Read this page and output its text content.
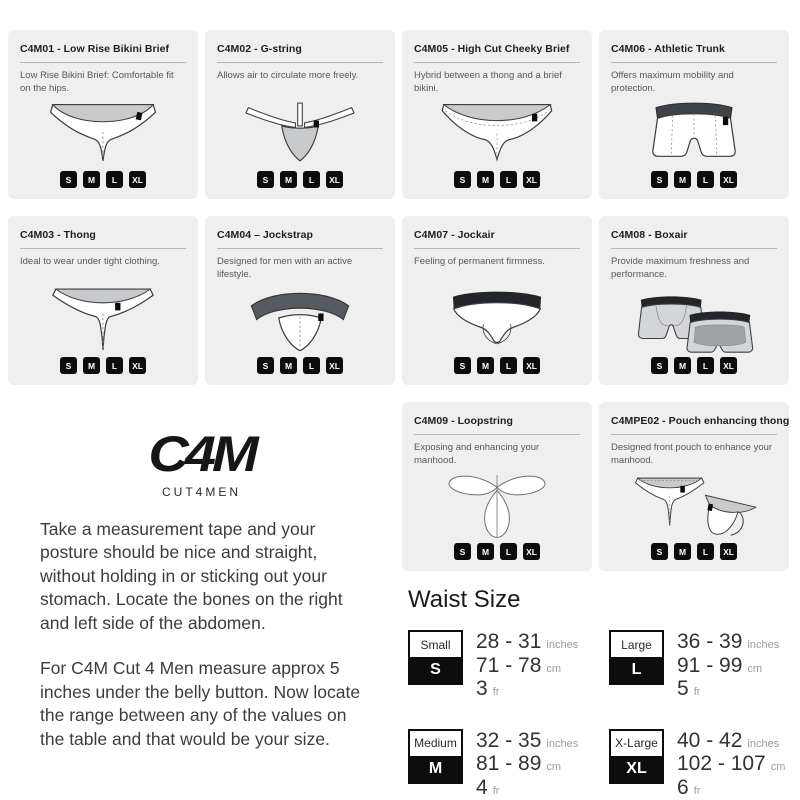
C4M01 - Low Rise Bikini Brief
Low Rise Bikini Brief: Comfortable fit on the hips.
S	M	L	XL
C4M02 - G-string
Allows air to circulate more freely.
S	M	L	XL
C4M05 - High Cut Cheeky Brief
Hybrid between a thong and a brief bikini.
S	M	L	XL
C4M06 - Athletic Trunk
Offers maximum mobility and protection.
S	M	L	XL
C4M03 - Thong
Ideal to wear under tight clothing.
S	M	L	XL
C4M04 – Jockstrap
Designed for men with an active lifestyle.
S	M	L	XL
C4M07 - Jockair
Feeling of permanent firmness.
S	M	L	XL
C4M08 - Boxair
Provide maximum freshness and performance.
S	M	L	XL
C4M
CUT4MEN
C4M09 - Loopstring
Exposing and enhancing your manhood.
S	M	L	XL
C4MPE02 - Pouch enhancing thong
Designed front pouch to enhance your manhood.
S	M	L	XL

Take a measurement tape and your posture should be nice and straight, without holding in or sticking out your stomach. Locate the bones on the right and left side of the abdomen.

For C4M Cut 4 Men measure approx 5 inches under the belly button. Now locate the range between any of the values on the table and that would be your size.

Waist Size
Small
S
28 - 31 inches
71 - 78 cm
3 fr
Medium
M
32 - 35 inches
81 - 89 cm
4 fr
Large
L
36 - 39 inches
91 - 99 cm
5 fr
X-Large
XL
40 - 42 inches
102 - 107 cm
6 fr
